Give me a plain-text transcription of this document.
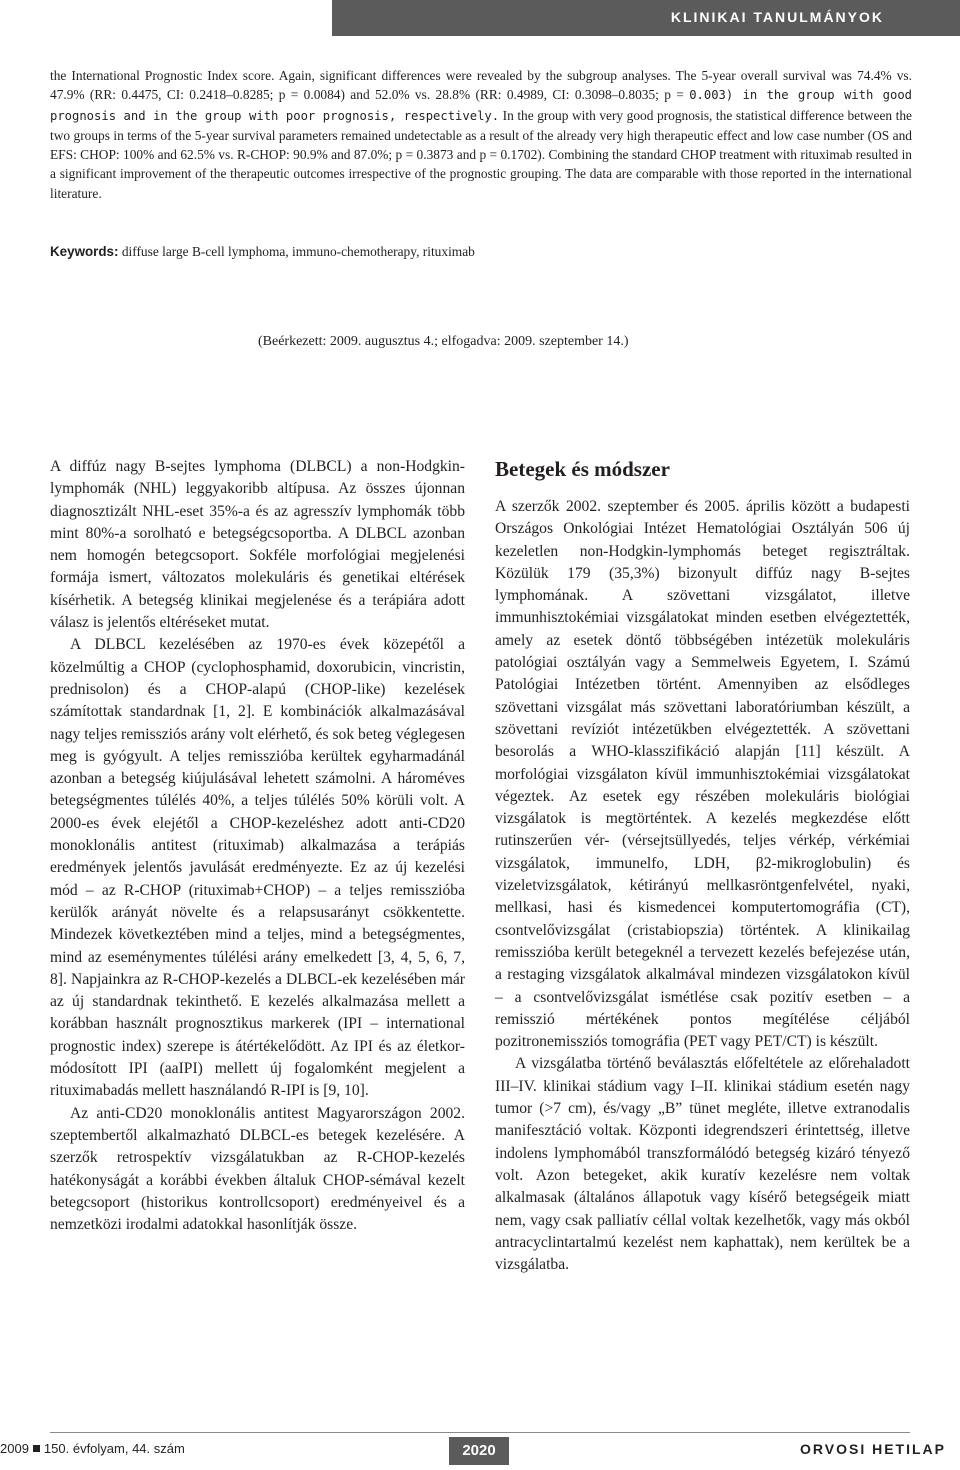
KLINIKAI TANULMÁNYOK

the International Prognostic Index score. Again, significant differences were revealed by the subgroup analyses. The 5-year overall survival was 74.4% vs. 47.9% (RR: 0.4475, CI: 0.2418–0.8285; p = 0.0084) and 52.0% vs. 28.8% (RR: 0.4989, CI: 0.3098–0.8035; p = 0.003) in the group with good prognosis and in the group with poor prognosis, respectively. In the group with very good prognosis, the statistical difference between the two groups in terms of the 5-year survival parameters remained undetectable as a result of the already very high therapeutic effect and low case number (OS and EFS: CHOP: 100% and 62.5% vs. R-CHOP: 90.9% and 87.0%; p = 0.3873 and p = 0.1702). Combining the standard CHOP treatment with rituximab resulted in a significant improvement of the therapeutic outcomes irrespective of the prognostic grouping. The data are comparable with those reported in the international literature.

Keywords: diffuse large B-cell lymphoma, immuno-chemotherapy, rituximab
(Beérkezett: 2009. augusztus 4.; elfogadva: 2009. szeptember 14.)

A diffúz nagy B-sejtes lymphoma (DLBCL) a non-Hodgkin-lymphomák (NHL) leggyakoribb altípusa. Az összes újonnan diagnosztizált NHL-eset 35%-a és az agresszív lymphomák több mint 80%-a sorolható e betegségcsoportba. A DLBCL azonban nem homogén betegcsoport. Sokféle morfológiai megjelenési formája ismert, változatos molekuláris és genetikai eltérések kísérhetik. A betegség klinikai megjelenése és a terápiára adott válasz is jelentős eltéréseket mutat.

A DLBCL kezelésében az 1970-es évek közepétől a közelmúltig a CHOP (cyclophosphamid, doxorubicin, vincristin, prednisolon) és a CHOP-alapú (CHOP-like) kezelések számítottak standardnak [1, 2]. E kombinációk alkalmazásával nagy teljes remissziós arány volt elérhető, és sok beteg véglegesen meg is gyógyult. A teljes remisszióba kerültek egyharmadánál azonban a betegség kiújulásával lehetett számolni. A hároméves betegségmentes túlélés 40%, a teljes túlélés 50% körüli volt. A 2000-es évek elejétől a CHOP-kezeléshez adott anti-CD20 monoklonális antitest (rituximab) alkalmazása a terápiás eredmények jelentős javulását eredményezte. Ez az új kezelési mód – az R-CHOP (rituximab+CHOP) – a teljes remisszióba kerülők arányát növelte és a relapsusarányt csökkentette. Mindezek következtében mind a teljes, mind a betegségmentes, mind az eseménymentes túlélési arány emelkedett [3, 4, 5, 6, 7, 8]. Napjainkra az R-CHOP-kezelés a DLBCL-ek kezelésében már az új standardnak tekinthető. E kezelés alkalmazása mellett a korábban használt prognosztikus markerek (IPI – international prognostic index) szerepe is átértékelődött. Az IPI és az életkor-módosított IPI (aaIPI) mellett új fogalomként megjelent a rituximabadás mellett használandó R-IPI is [9, 10].

Az anti-CD20 monoklonális antitest Magyarországon 2002. szeptembertől alkalmazható DLBCL-es betegek kezelésére. A szerzők retrospektív vizsgálatukban az R-CHOP-kezelés hatékonyságát a korábbi években általuk CHOP-sémával kezelt betegcsoport (historikus kontrollcsoport) eredményeivel és a nemzetközi irodalmi adatokkal hasonlítják össze.

Betegek és módszer

A szerzők 2002. szeptember és 2005. április között a budapesti Országos Onkológiai Intézet Hematológiai Osztályán 506 új kezeletlen non-Hodgkin-lymphomás beteget regisztráltak. Közülük 179 (35,3%) bizonyult diffúz nagy B-sejtes lymphomának. A szövettani vizsgálatot, illetve immunhisztokémiai vizsgálatokat minden esetben elvégeztették, amely az esetek döntő többségében intézetük molekuláris patológiai osztályán vagy a Semmelweis Egyetem, I. Számú Patológiai Intézetben történt. Amennyiben az elsődleges szövettani vizsgálat más szövettani laboratóriumban készült, a szövettani revíziót intézetükben elvégeztették. A szövettani besorolás a WHO-klasszifikáció alapján [11] készült. A morfológiai vizsgálaton kívül immunhisztokémiai vizsgálatokat végeztek. Az esetek egy részében molekuláris biológiai vizsgálatok is megtörténtek. A kezelés megkezdése előtt rutinszerűen vér- (vérsejtsüllyedés, teljes vérkép, vérkémiai vizsgálatok, immunelfo, LDH, β2-mikroglobulin) és vizeletvizsgálatok, kétirányú mellkasröntgenfelvétel, nyaki, mellkasi, hasi és kismedencei komputertomográfia (CT), csontvelővizsgálat (cristabiopszia) történtek. A klinikailag remisszióba került betegeknél a tervezett kezelés befejezése után, a restaging vizsgálatok alkalmával mindezen vizsgálatokon kívül – a csontvelővizsgálat ismétlése csak pozitív esetben – a remisszió mértékének pontos megítélése céljából pozitronemissziós tomográfia (PET vagy PET/CT) is készült.

A vizsgálatba történő beválasztás előfeltétele az előrehaladott III–IV. klinikai stádium vagy I–II. klinikai stádium esetén nagy tumor (>7 cm), és/vagy „B” tünet megléte, illetve extranodalis manifesztáció voltak. Központi idegrendszeri érintettség, illetve indolens lymphomából transzformálódó betegség kizáró tényező volt. Azon betegeket, akik kuratív kezelésre nem voltak alkalmasak (általános állapotuk vagy kísérő betegségeik miatt nem, vagy csak palliatív céllal voltak kezelhetők, vagy más okból antracyclintartalmú kezelést nem kaphattak), nem kerültek be a vizsgálatba.

2009 150. évfolyam, 44. szám	2020	ORVOSI HETILAP
